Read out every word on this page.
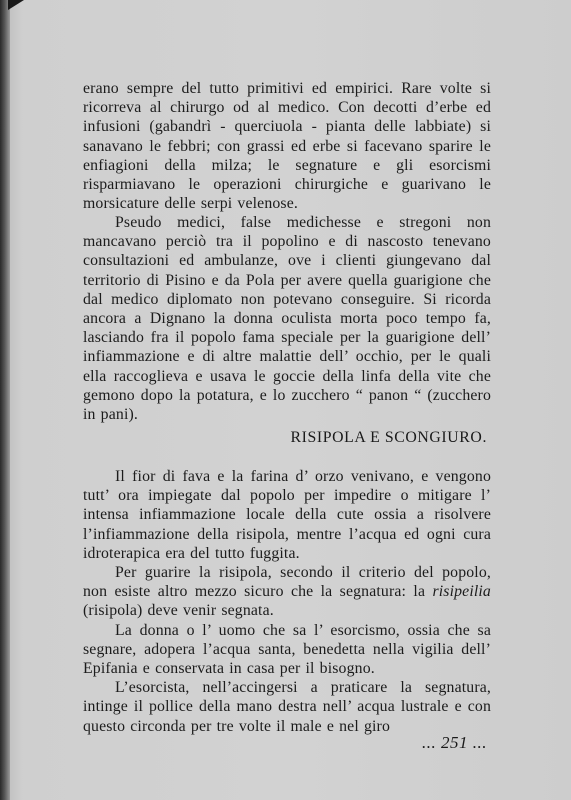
erano sempre del tutto primitivi ed empirici. Rare volte si ricorreva al chirurgo od al medico. Con decotti d’erbe ed infusioni (gabandrì - querciuola - pianta delle labbiate) si sanavano le febbri; con grassi ed erbe si facevano sparire le enfiagioni della milza; le segnature e gli esorcismi risparmiavano le operazioni chirurgiche e guarivano le morsicature delle serpi velenose.

Pseudo medici, false medichesse e stregoni non mancavano perciò tra il popolino e di nascosto tenevano consultazioni ed ambulanze, ove i clienti giungevano dal territorio di Pisino e da Pola per avere quella guarigione che dal medico diplomato non potevano conseguire. Si ricorda ancora a Dignano la donna oculista morta poco tempo fa, lasciando fra il popolo fama speciale per la guarigione dell’ infiammazione e di altre malattie dell’ occhio, per le quali ella raccoglieva e usava le goccie della linfa della vite che gemono dopo la potatura, e lo zucchero “ panon “ (zucchero in pani).

RISIPOLA E SCONGIURO.

Il fior di fava e la farina d’ orzo venivano, e vengono tutt’ ora impiegate dal popolo per impedire o mitigare l’ intensa infiammazione locale della cute ossia a risolvere l’infiammazione della risipola, mentre l’acqua ed ogni cura idroterapica era del tutto fuggita.

Per guarire la risipola, secondo il criterio del popolo, non esiste altro mezzo sicuro che la segnatura: la risipeilia (risipola) deve venir segnata.

La donna o l’ uomo che sa l’ esorcismo, ossia che sa segnare, adopera l’acqua santa, benedetta nella vigilia dell’ Epifania e conservata in casa per il bisogno.

L’esorcista, nell’accingersi a praticare la segnatura, intinge il pollice della mano destra nell’ acqua lustrale e con questo circonda per tre volte il male e nel giro

... 251 ...
